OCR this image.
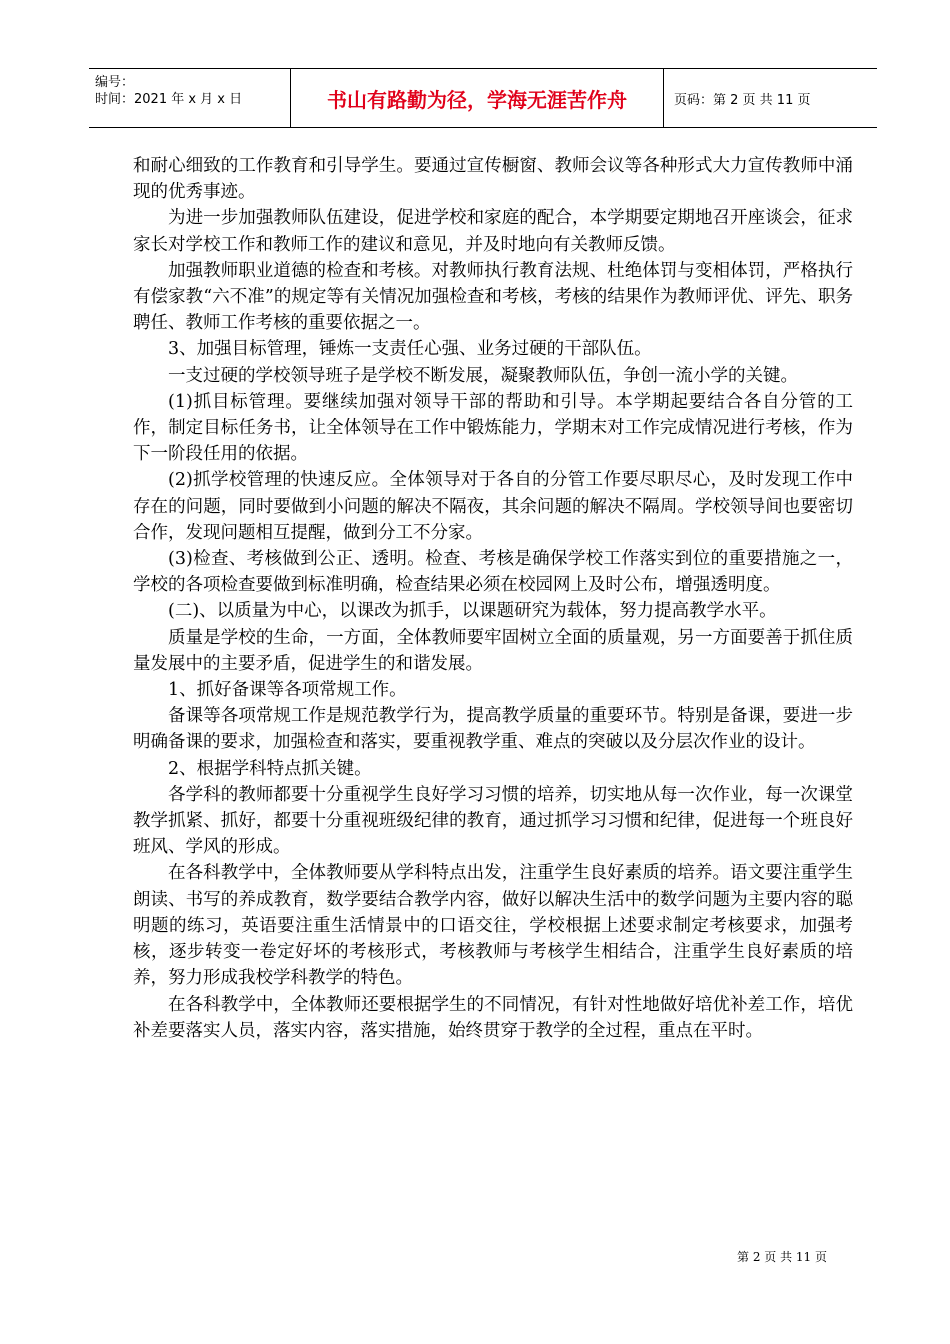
编号：
时间：2021 年 x 月 x 日	书山有路勤为径，学海无涯苦作舟	页码：第 2 页 共 11 页

和耐心细致的工作教育和引导学生。要通过宣传橱窗、教师会议等各种形式大力宣传教师中涌现的优秀事迹。

为进一步加强教师队伍建设，促进学校和家庭的配合，本学期要定期地召开座谈会，征求家长对学校工作和教师工作的建议和意见，并及时地向有关教师反馈。

加强教师职业道德的检查和考核。对教师执行教育法规、杜绝体罚与变相体罚，严格执行有偿家教“六不准”的规定等有关情况加强检查和考核，考核的结果作为教师评优、评先、职务聘任、教师工作考核的重要依据之一。

3、加强目标管理，锤炼一支责任心强、业务过硬的干部队伍。

一支过硬的学校领导班子是学校不断发展，凝聚教师队伍，争创一流小学的关键。

(1)抓目标管理。要继续加强对领导干部的帮助和引导。本学期起要结合各自分管的工作，制定目标任务书，让全体领导在工作中锻炼能力，学期末对工作完成情况进行考核，作为下一阶段任用的依据。

(2)抓学校管理的快速反应。全体领导对于各自的分管工作要尽职尽心，及时发现工作中存在的问题，同时要做到小问题的解决不隔夜，其余问题的解决不隔周。学校领导间也要密切合作，发现问题相互提醒，做到分工不分家。

(3)检查、考核做到公正、透明。检查、考核是确保学校工作落实到位的重要措施之一，学校的各项检查要做到标准明确，检查结果必须在校园网上及时公布，增强透明度。

(二)、以质量为中心，以课改为抓手，以课题研究为载体，努力提高教学水平。

质量是学校的生命，一方面，全体教师要牢固树立全面的质量观，另一方面要善于抓住质量发展中的主要矛盾，促进学生的和谐发展。

1、抓好备课等各项常规工作。

备课等各项常规工作是规范教学行为，提高教学质量的重要环节。特别是备课，要进一步明确备课的要求，加强检查和落实，要重视教学重、难点的突破以及分层次作业的设计。

2、根据学科特点抓关键。

各学科的教师都要十分重视学生良好学习习惯的培养，切实地从每一次作业，每一次课堂教学抓紧、抓好，都要十分重视班级纪律的教育，通过抓学习习惯和纪律，促进每一个班良好班风、学风的形成。

在各科教学中，全体教师要从学科特点出发，注重学生良好素质的培养。语文要注重学生朗读、书写的养成教育，数学要结合教学内容，做好以解决生活中的数学问题为主要内容的聪明题的练习，英语要注重生活情景中的口语交往，学校根据上述要求制定考核要求，加强考核，逐步转变一卷定好坏的考核形式，考核教师与考核学生相结合，注重学生良好素质的培养，努力形成我校学科教学的特色。

在各科教学中，全体教师还要根据学生的不同情况，有针对性地做好培优补差工作，培优补差要落实人员，落实内容，落实措施，始终贯穿于教学的全过程，重点在平时。

第 2 页 共 11 页
